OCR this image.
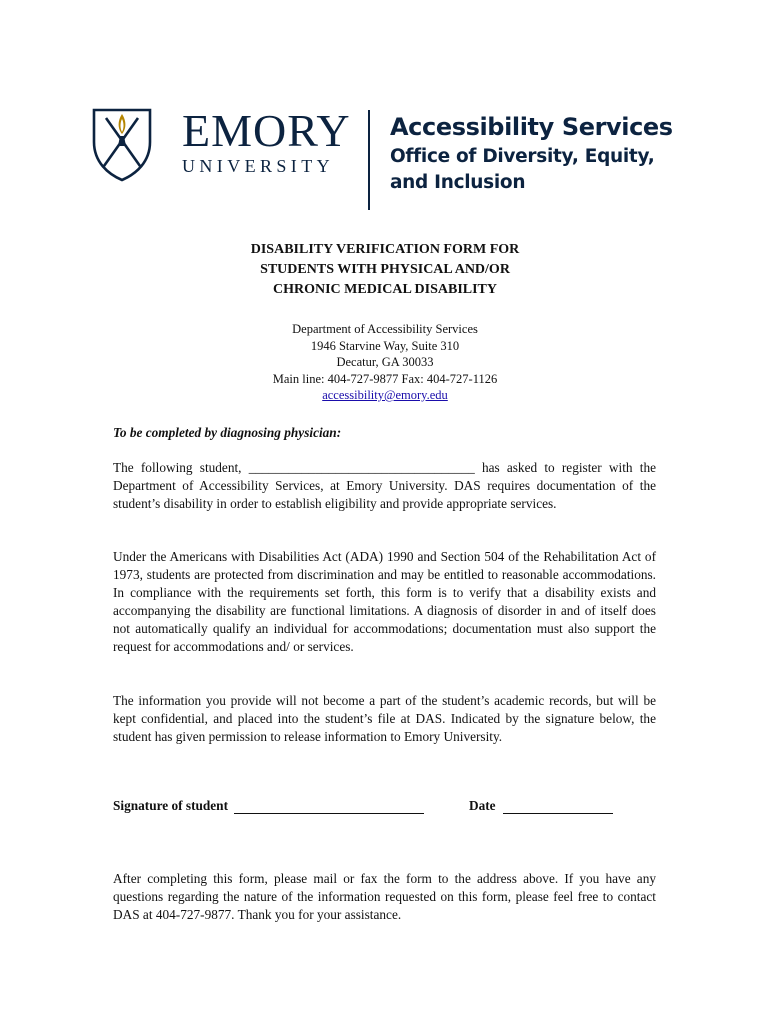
EMORY
UNIVERSITY
Accessibility Services
Office of Diversity, Equity,
and Inclusion
DISABILITY VERIFICATION FORM FOR
STUDENTS WITH PHYSICAL AND/OR
CHRONIC MEDICAL DISABILITY
Department of Accessibility Services
1946 Starvine Way, Suite 310
Decatur, GA 30033
Main line: 404-727-9877 Fax: 404-727-1126
accessibility@emory.edu
To be completed by diagnosing physician:
The following student, __________________________________ has asked to register with the Department of Accessibility Services, at Emory University. DAS requires documentation of the student’s disability in order to establish eligibility and provide appropriate services.
Under the Americans with Disabilities Act (ADA) 1990 and Section 504 of the Rehabilitation Act of 1973, students are protected from discrimination and may be entitled to reasonable accommodations. In compliance with the requirements set forth, this form is to verify that a disability exists and accompanying the disability are functional limitations. A diagnosis of disorder in and of itself does not automatically qualify an individual for accommodations; documentation must also support the request for accommodations and/ or services.
The information you provide will not become a part of the student’s academic records, but will be kept confidential, and placed into the student’s file at DAS. Indicated by the signature below, the student has given permission to release information to Emory University.
Signature of student	Date
After completing this form, please mail or fax the form to the address above. If you have any questions regarding the nature of the information requested on this form, please feel free to contact DAS at 404-727-9877. Thank you for your assistance.
